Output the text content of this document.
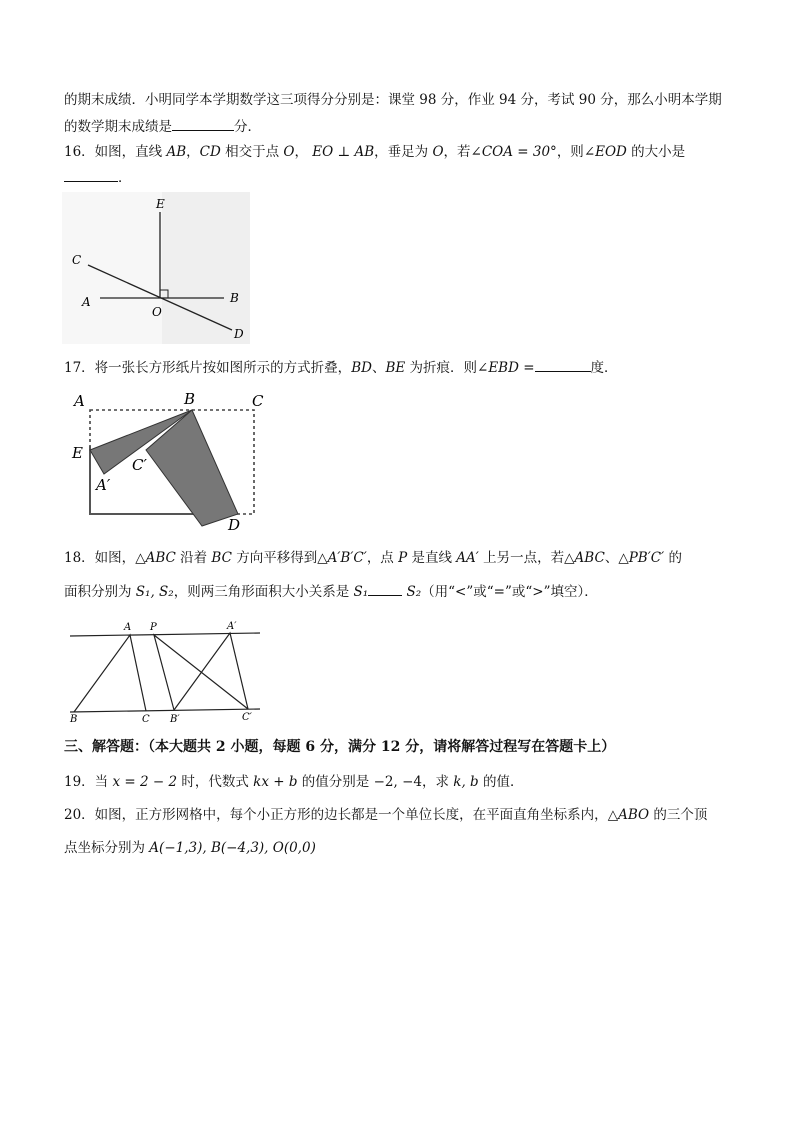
的期末成绩．小明同学本学期数学这三项得分分别是：课堂 98 分，作业 94 分，考试 90 分，那么小明本学期
的数学期末成绩是	分．
16．如图，直线 AB，CD 相交于点 O， EO ⊥ AB，垂足为 O，若∠COA = 30°，则∠EOD 的大小是
．
E
C
A
O
B
D
17．将一张长方形纸片按如图所示的方式折叠，BD、BE 为折痕．则∠EBD =	度．
A	B	C
E
C′
A′
D
18．如图，△ABC 沿着 BC 方向平移得到△A′B′C′，点 P 是直线 AA′ 上另一点，若△ABC、△PB′C′ 的
面积分别为 S₁, S₂，则两三角形面积大小关系是 S₁	S₂（用“<”或“=”或“>”填空）．
A P	A′
B	C B′	C′
三、解答题：（本大题共 2 小题，每题 6 分，满分 12 分，请将解答过程写在答题卡上）
19．当 x = 2 − 2 时，代数式 kx + b 的值分别是 −2, −4，求 k, b 的值．
20．如图，正方形网格中，每个小正方形的边长都是一个单位长度，在平面直角坐标系内，△ABO 的三个顶
点坐标分别为 A(−1,3), B(−4,3), O(0,0)
